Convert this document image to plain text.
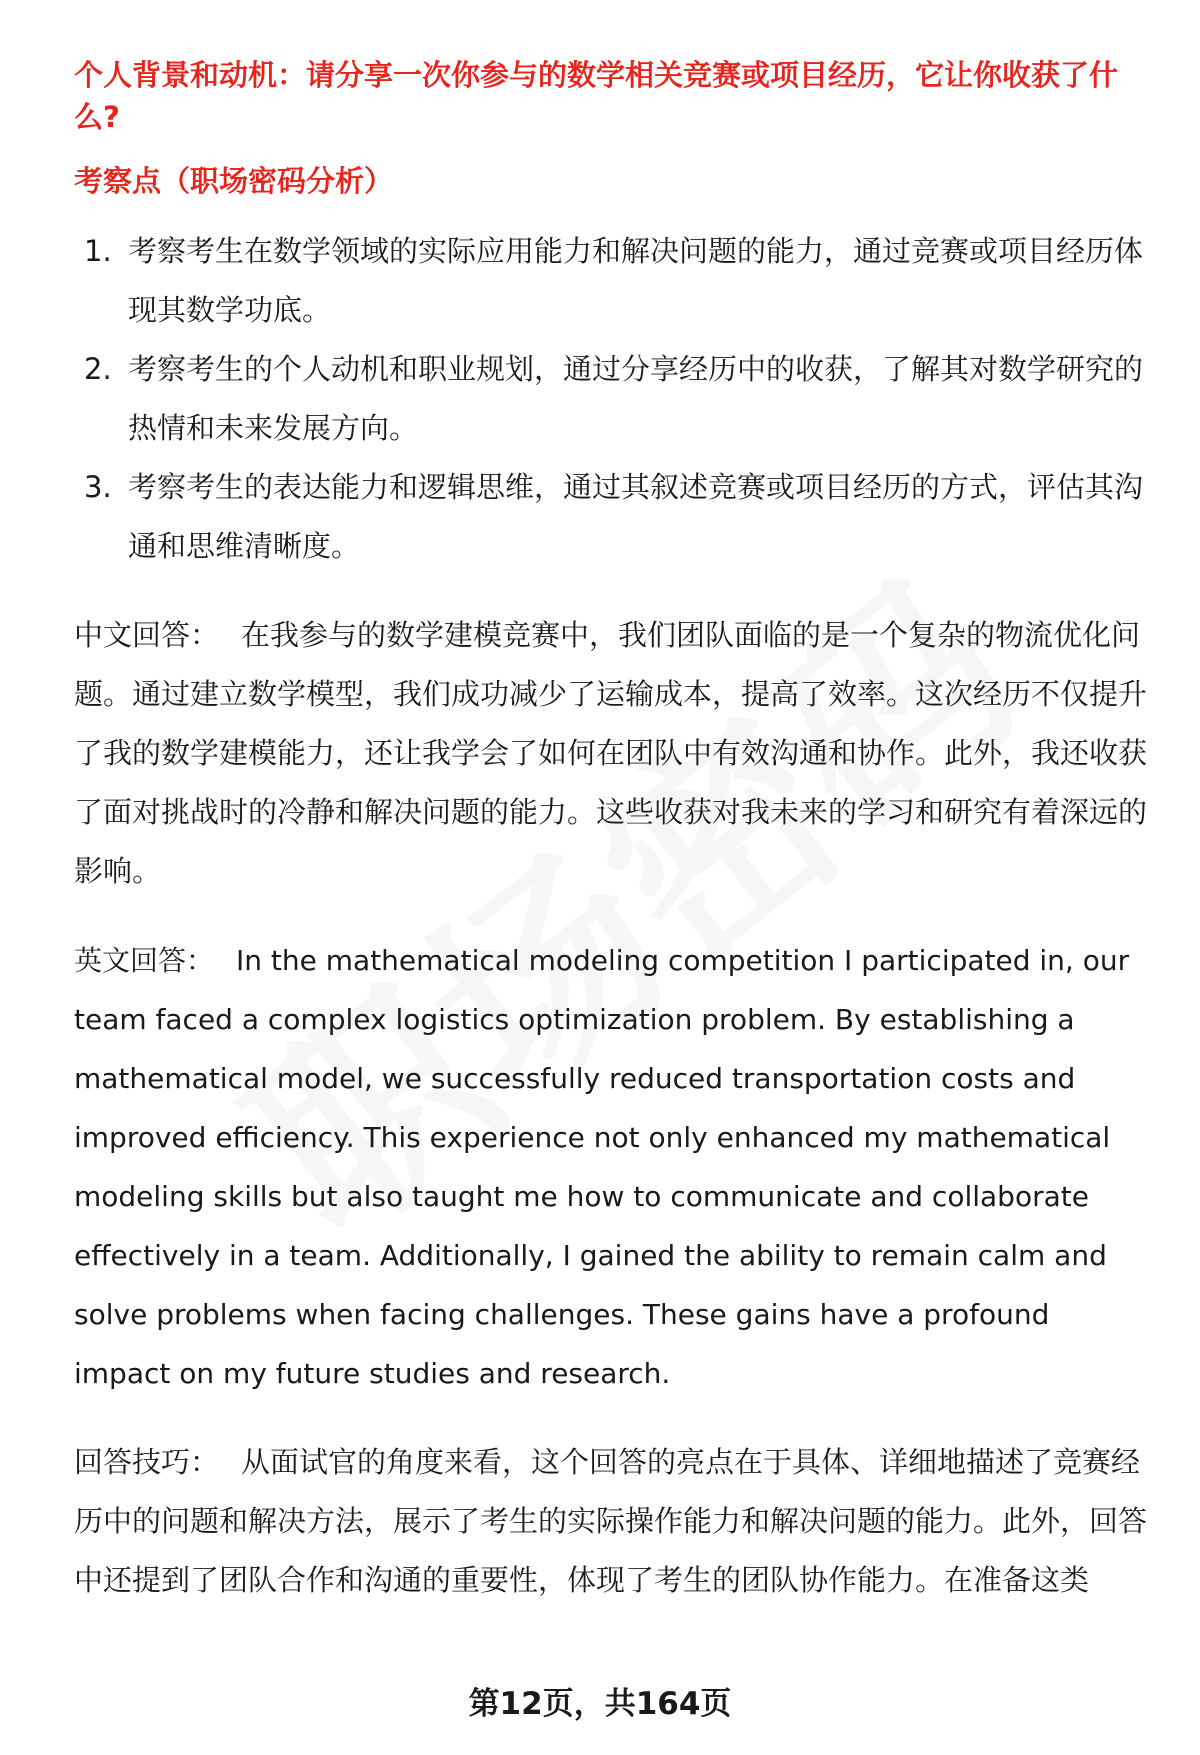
个人背景和动机：请分享一次你参与的数学相关竞赛或项目经历，它让你收获了什么?

考察点（职场密码分析）

1. 考察考生在数学领域的实际应用能力和解决问题的能力，通过竞赛或项目经历体现其数学功底。
2. 考察考生的个人动机和职业规划，通过分享经历中的收获，了解其对数学研究的热情和未来发展方向。
3. 考察考生的表达能力和逻辑思维，通过其叙述竞赛或项目经历的方式，评估其沟通和思维清晰度。

中文回答： 在我参与的数学建模竞赛中，我们团队面临的是一个复杂的物流优化问题。通过建立数学模型，我们成功减少了运输成本，提高了效率。这次经历不仅提升了我的数学建模能力，还让我学会了如何在团队中有效沟通和协作。此外，我还收获了面对挑战时的冷静和解决问题的能力。这些收获对我未来的学习和研究有着深远的影响。

英文回答： In the mathematical modeling competition I participated in, our team faced a complex logistics optimization problem. By establishing a mathematical model, we successfully reduced transportation costs and improved efficiency. This experience not only enhanced my mathematical modeling skills but also taught me how to communicate and collaborate effectively in a team. Additionally, I gained the ability to remain calm and solve problems when facing challenges. These gains have a profound impact on my future studies and research.

回答技巧： 从面试官的角度来看，这个回答的亮点在于具体、详细地描述了竞赛经历中的问题和解决方法，展示了考生的实际操作能力和解决问题的能力。此外，回答中还提到了团队合作和沟通的重要性，体现了考生的团队协作能力。在准备这类

第12页，共164页
